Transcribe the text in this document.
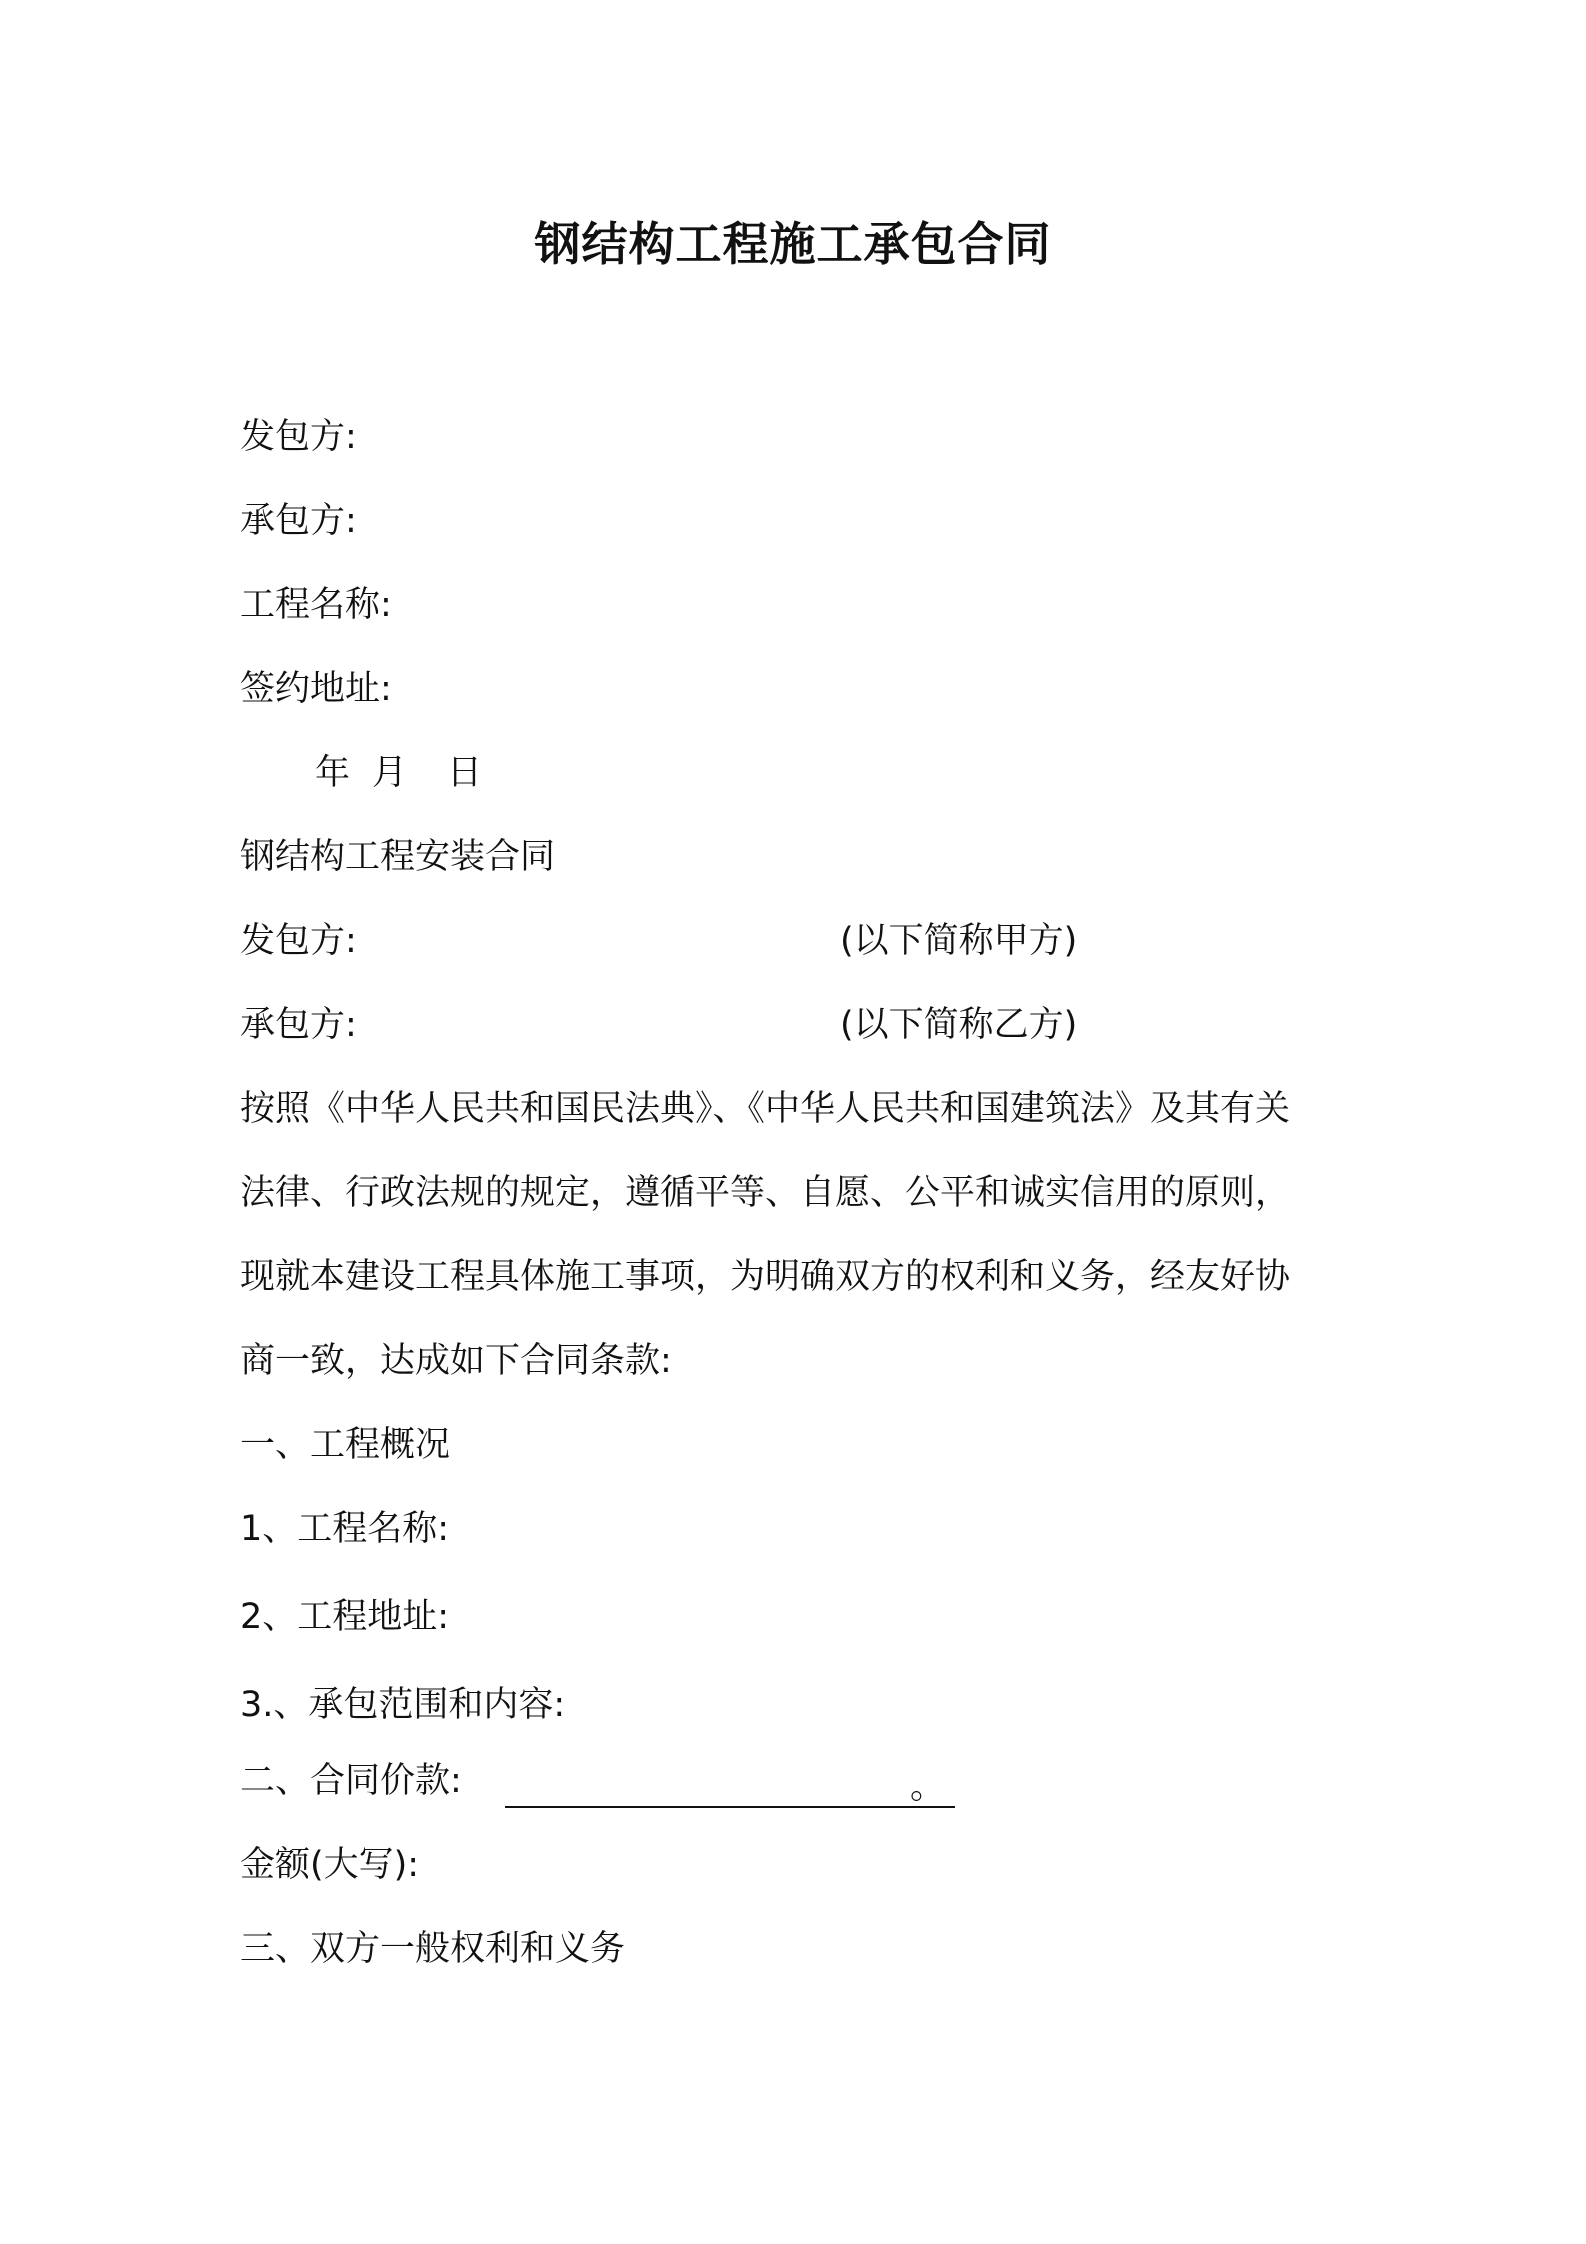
钢结构工程施工承包合同

发包方:

承包方:

工程名称:

签约地址:

年 月 日

钢结构工程安装合同

发包方:	(以下简称甲方)

承包方:	(以下简称乙方)

按照《中华人民共和国民法典》、《中华人民共和国建筑法》及其有关

法律、行政法规的规定，遵循平等、自愿、公平和诚实信用的原则，

现就本建设工程具体施工事项，为明确双方的权利和义务，经友好协

商一致，达成如下合同条款:

一、工程概况

1、工程名称:

2、工程地址:

3.、承包范围和内容:

二、合同价款:	。

金额(大写):

三、双方一般权利和义务
